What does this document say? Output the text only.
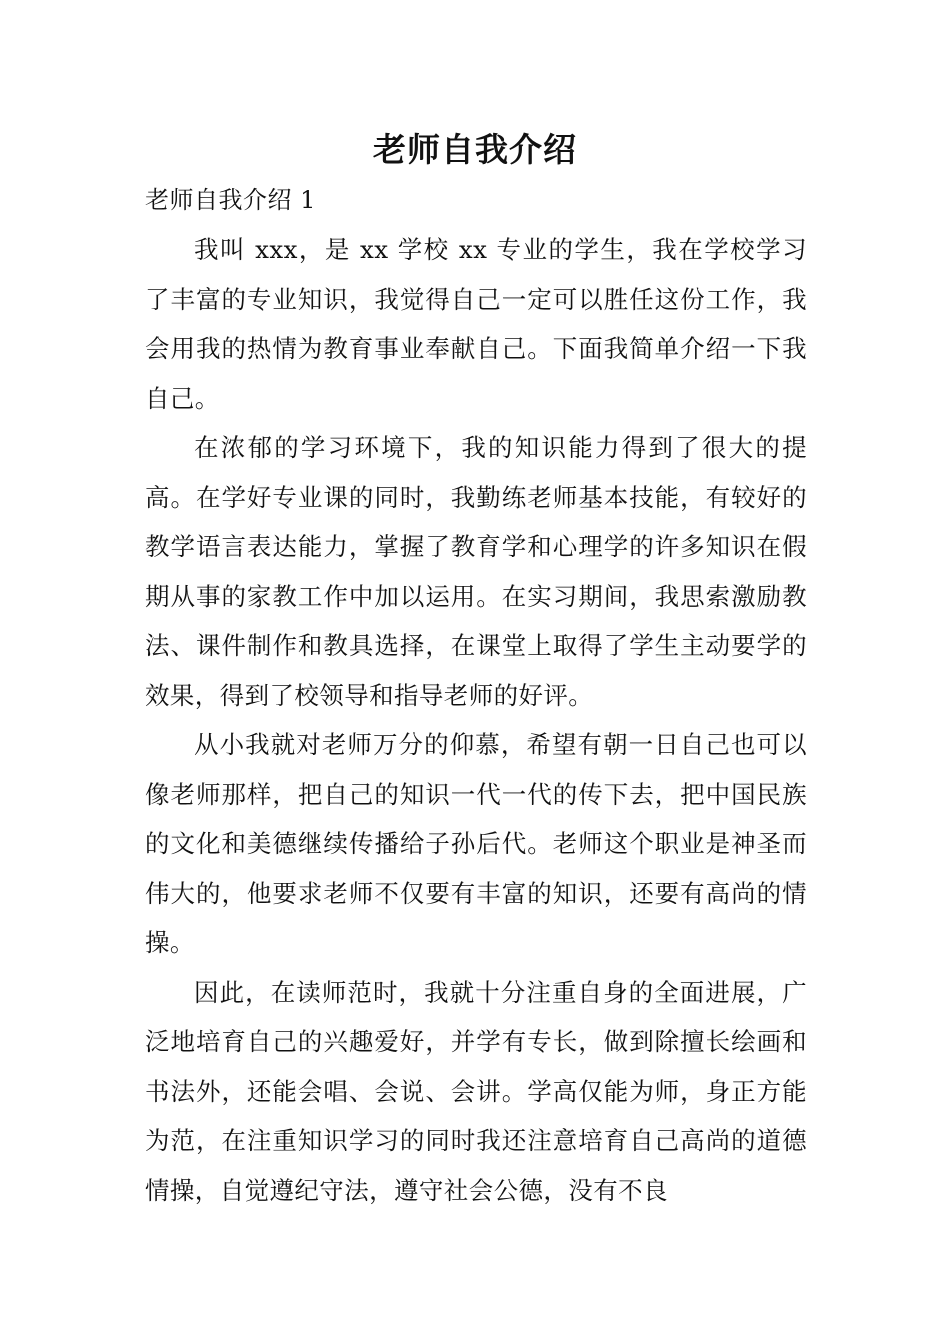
老师自我介绍
老师自我介绍 1

我叫 xxx，是 xx 学校 xx 专业的学生，我在学校学习了丰富的专业知识，我觉得自己一定可以胜任这份工作，我会用我的热情为教育事业奉献自己。下面我简单介绍一下我自己。

在浓郁的学习环境下，我的知识能力得到了很大的提高。在学好专业课的同时，我勤练老师基本技能，有较好的教学语言表达能力，掌握了教育学和心理学的许多知识在假期从事的家教工作中加以运用。在实习期间，我思索激励教法、课件制作和教具选择，在课堂上取得了学生主动要学的效果，得到了校领导和指导老师的好评。

从小我就对老师万分的仰慕，希望有朝一日自己也可以像老师那样，把自己的知识一代一代的传下去，把中国民族的文化和美德继续传播给子孙后代。老师这个职业是神圣而伟大的，他要求老师不仅要有丰富的知识，还要有高尚的情操。

因此，在读师范时，我就十分注重自身的全面进展，广泛地培育自己的兴趣爱好，并学有专长，做到除擅长绘画和书法外，还能会唱、会说、会讲。学高仅能为师，身正方能为范，在注重知识学习的同时我还注意培育自己高尚的道德情操，自觉遵纪守法，遵守社会公德，没有不良
